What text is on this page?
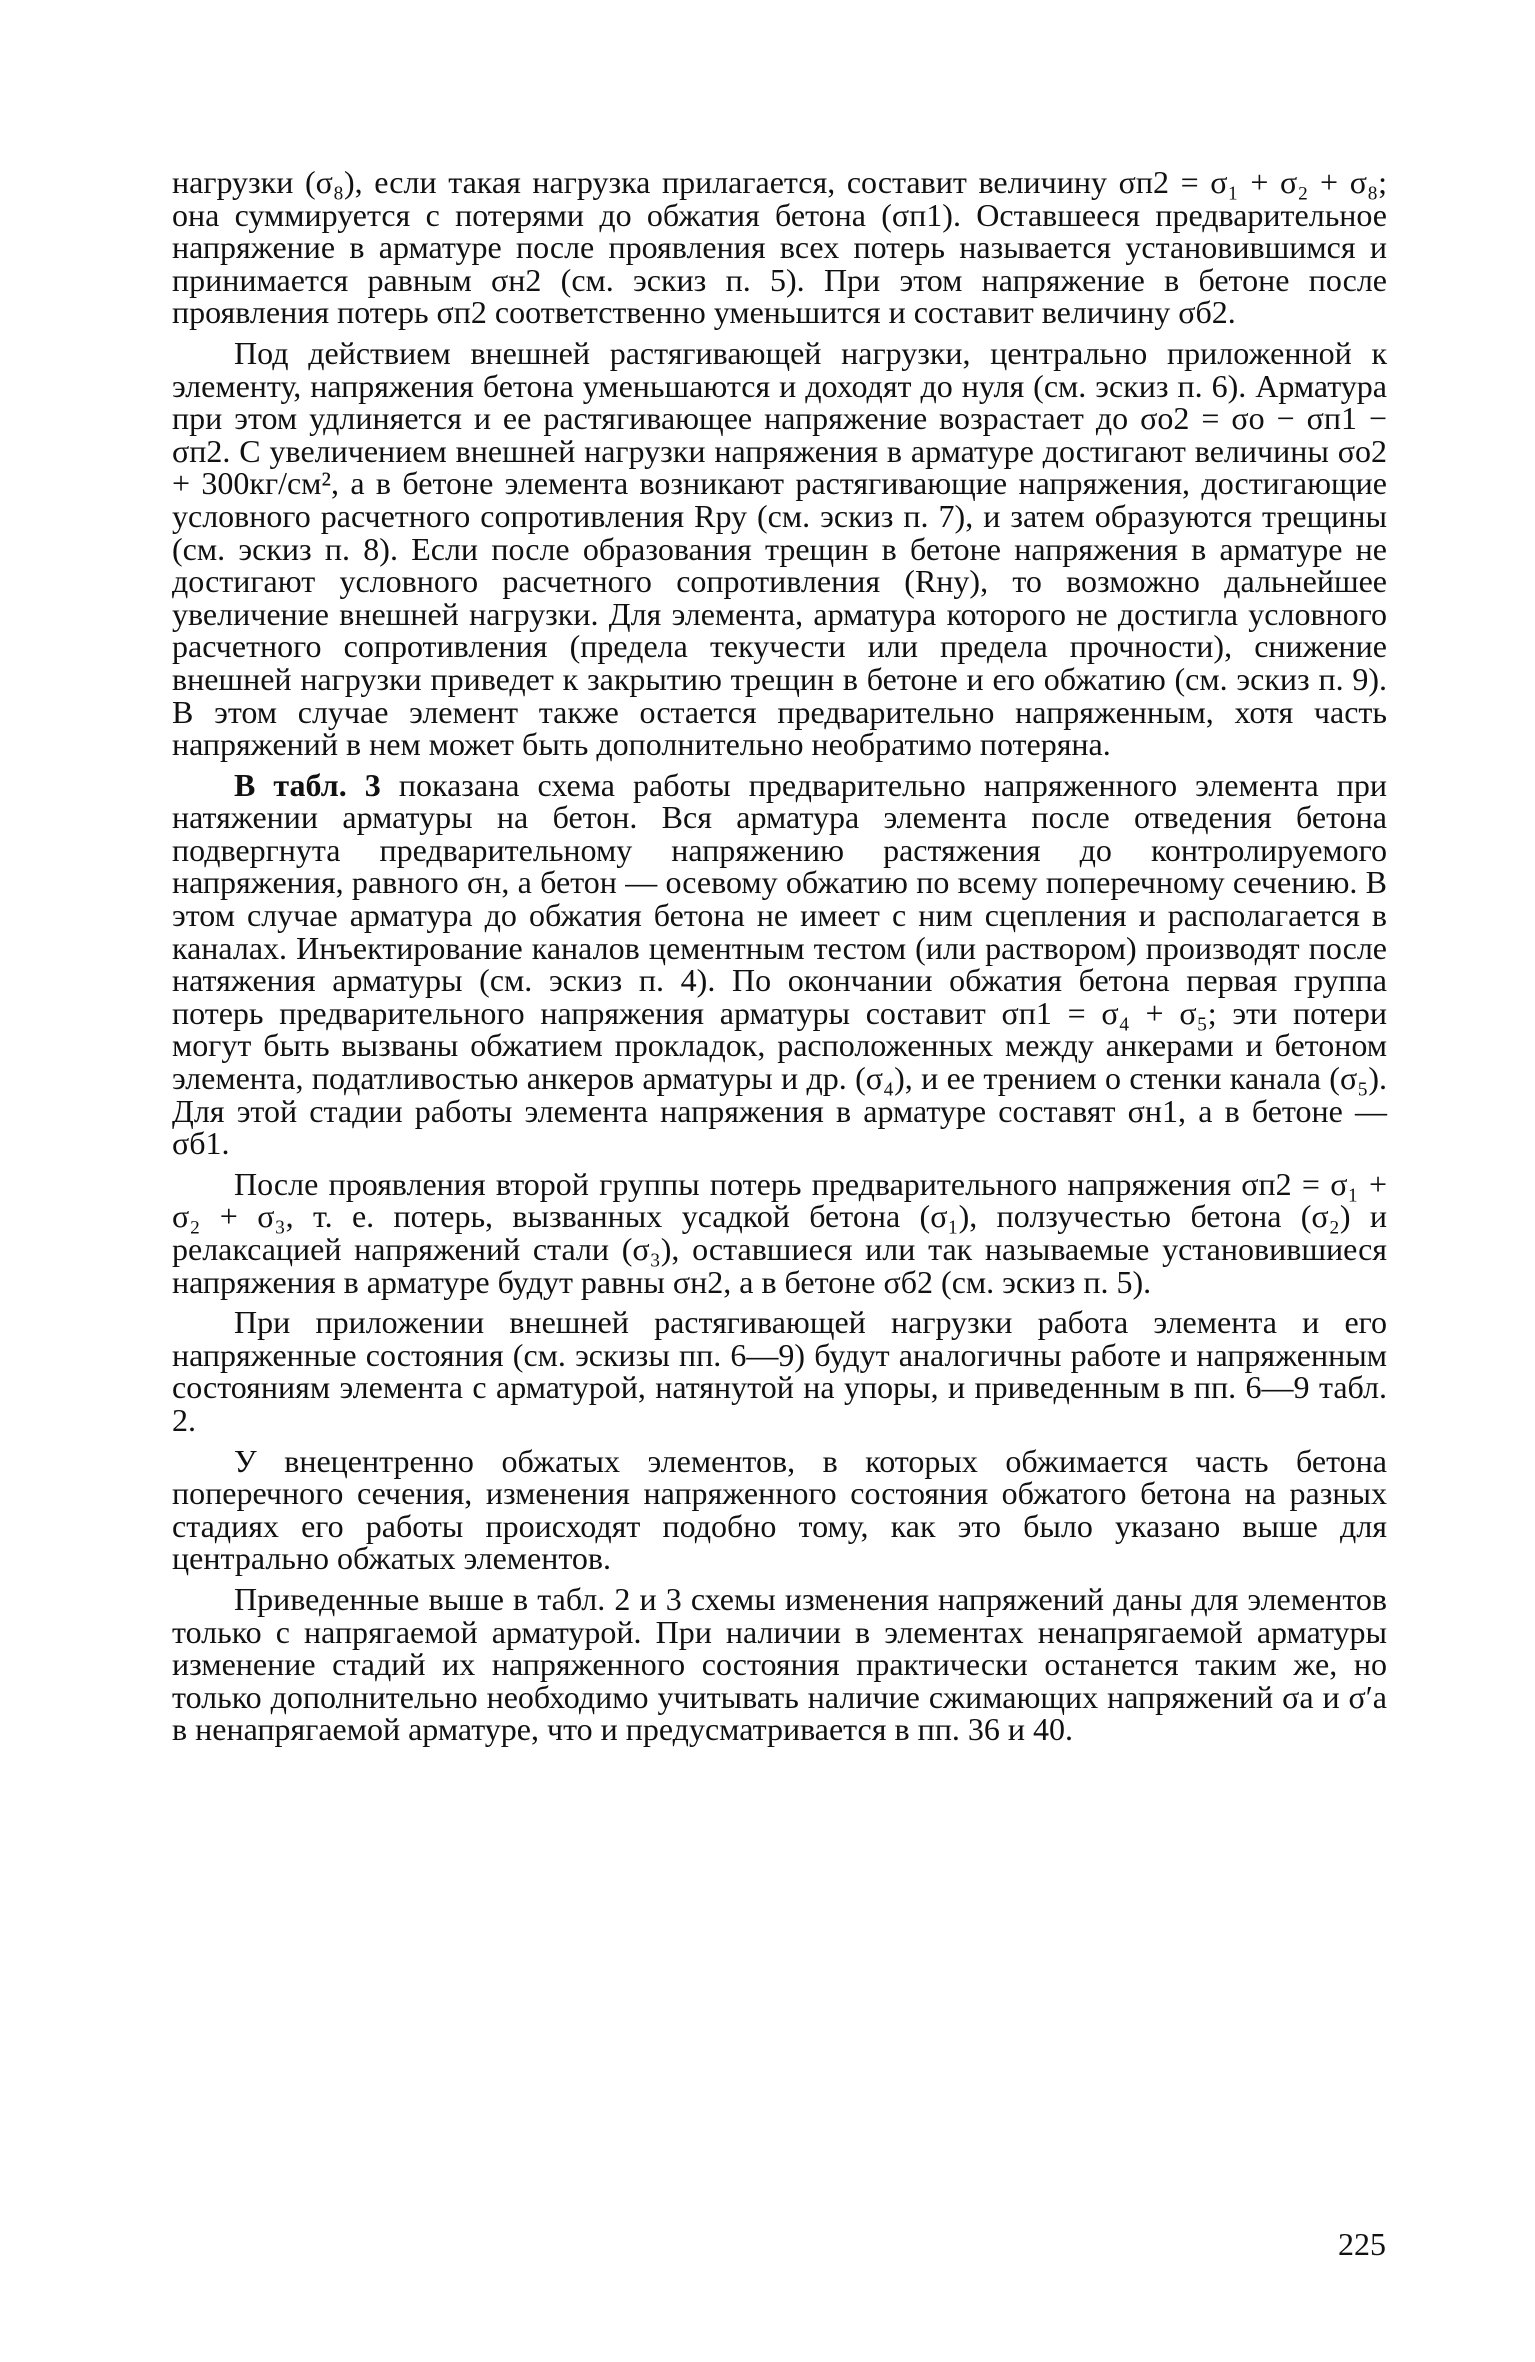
нагрузки (σ₈), если такая нагрузка прилагается, составит величину σп2 = σ₁ + σ₂ + σ₈; она суммируется с потерями до обжатия бетона (σп1). Оставшееся предварительное напряжение в арматуре после проявления всех потерь называется установившимся и принимается равным σн2 (см. эскиз п. 5). При этом напряжение в бетоне после проявления потерь σп2 соответственно уменьшится и составит величину σб2.

Под действием внешней растягивающей нагрузки, центрально приложенной к элементу, напряжения бетона уменьшаются и доходят до нуля (см. эскиз п. 6). Арматура при этом удлиняется и ее растягивающее напряжение возрастает до σо2 = σо − σп1 − σп2. С увеличением внешней нагрузки напряжения в арматуре достигают величины σо2 + 300кг/см², а в бетоне элемента возникают растягивающие напряжения, достигающие условного расчетного сопротивления Rру (см. эскиз п. 7), и затем образуются трещины (см. эскиз п. 8). Если после образования трещин в бетоне напряжения в арматуре не достигают условного расчетного сопротивления (Rну), то возможно дальнейшее увеличение внешней нагрузки. Для элемента, арматура которого не достигла условного расчетного сопротивления (предела текучести или предела прочности), снижение внешней нагрузки приведет к закрытию трещин в бетоне и его обжатию (см. эскиз п. 9). В этом случае элемент также остается предварительно напряженным, хотя часть напряжений в нем может быть дополнительно необратимо потеряна.

В табл. 3 показана схема работы предварительно напряженного элемента при натяжении арматуры на бетон. Вся арматура элемента после отведения бетона подвергнута предварительному напряжению растяжения до контролируемого напряжения, равного σн, а бетон — осевому обжатию по всему поперечному сечению. В этом случае арматура до обжатия бетона не имеет с ним сцепления и располагается в каналах. Инъектирование каналов цементным тестом (или раствором) производят после натяжения арматуры (см. эскиз п. 4). По окончании обжатия бетона первая группа потерь предварительного напряжения арматуры составит σп1 = σ₄ + σ₅; эти потери могут быть вызваны обжатием прокладок, расположенных между анкерами и бетоном элемента, податливостью анкеров арматуры и др. (σ₄), и ее трением о стенки канала (σ₅). Для этой стадии работы элемента напряжения в арматуре составят σн1, а в бетоне — σб1.

После проявления второй группы потерь предварительного напряжения σп2 = σ₁ + σ₂ + σ₃, т. е. потерь, вызванных усадкой бетона (σ₁), ползучестью бетона (σ₂) и релаксацией напряжений стали (σ₃), оставшиеся или так называемые установившиеся напряжения в арматуре будут равны σн2, а в бетоне σб2 (см. эскиз п. 5).

При приложении внешней растягивающей нагрузки работа элемента и его напряженные состояния (см. эскизы пп. 6—9) будут аналогичны работе и напряженным состояниям элемента с арматурой, натянутой на упоры, и приведенным в пп. 6—9 табл. 2.

У внецентренно обжатых элементов, в которых обжимается часть бетона поперечного сечения, изменения напряженного состояния обжатого бетона на разных стадиях его работы происходят подобно тому, как это было указано выше для центрально обжатых элементов.

Приведенные выше в табл. 2 и 3 схемы изменения напряжений даны для элементов только с напрягаемой арматурой. При наличии в элементах ненапрягаемой арматуры изменение стадий их напряженного состояния практически останется таким же, но только дополнительно необходимо учитывать наличие сжимающих напряжений σа и σ′а в ненапрягаемой арматуре, что и предусматривается в пп. 36 и 40.

225
